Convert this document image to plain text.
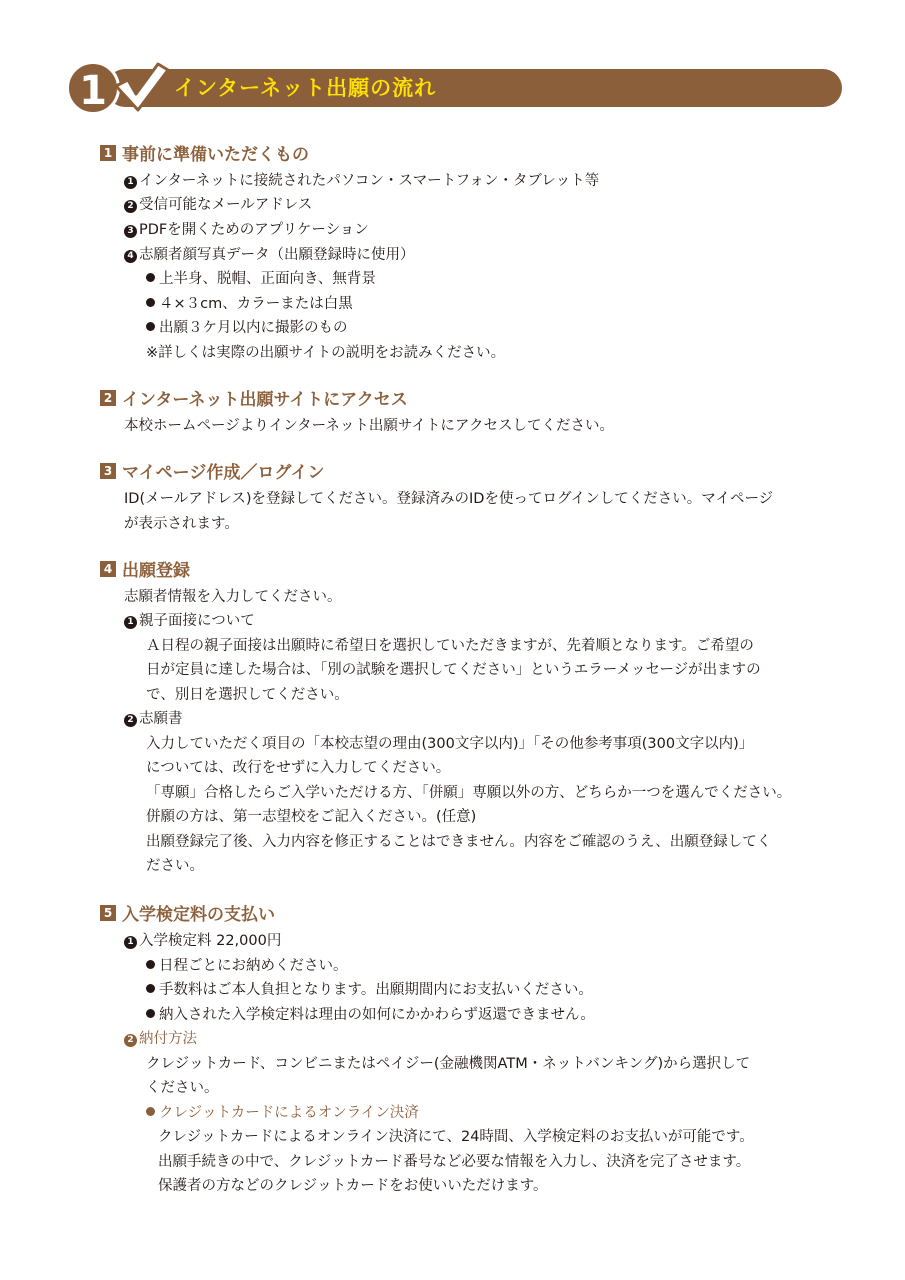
1	インターネット出願の流れ
1 事前に準備いただくもの
1 インターネットに接続されたパソコン・スマートフォン・タブレット等
2 受信可能なメールアドレス
3 PDFを開くためのアプリケーション
4 志願者顔写真データ（出願登録時に使用）
上半身、脱帽、正面向き、無背景
４×３cm、カラーまたは白黒
出願３ケ月以内に撮影のもの
※詳しくは実際の出願サイトの説明をお読みください。
2 インターネット出願サイトにアクセス
本校ホームページよりインターネット出願サイトにアクセスしてください。
3 マイページ作成／ログイン
ID(メールアドレス)を登録してください。登録済みのIDを使ってログインしてください。マイページ
が表示されます。
4 出願登録
志願者情報を入力してください。
1 親子面接について
Ａ日程の親子面接は出願時に希望日を選択していただきますが、先着順となります。ご希望の
日が定員に達した場合は、「別の試験を選択してください」というエラーメッセージが出ますの
で、別日を選択してください。
2 志願書
入力していただく項目の「本校志望の理由(300文字以内)」「その他参考事項(300文字以内)」
については、改行をせずに入力してください。
「専願」合格したらご入学いただける方、「併願」専願以外の方、どちらか一つを選んでください。
併願の方は、第一志望校をご記入ください。(任意)
出願登録完了後、入力内容を修正することはできません。内容をご確認のうえ、出願登録してく
ださい。
5 入学検定料の支払い
1 入学検定料 22,000円
日程ごとにお納めください。
手数料はご本人負担となります。出願期間内にお支払いください。
納入された入学検定料は理由の如何にかかわらず返還できません。
2 納付方法
クレジットカード、コンビニまたはペイジー(金融機関ATM・ネットバンキング)から選択して
ください。
クレジットカードによるオンライン決済
クレジットカードによるオンライン決済にて、24時間、入学検定料のお支払いが可能です。
出願手続きの中で、クレジットカード番号など必要な情報を入力し、決済を完了させます。
保護者の方などのクレジットカードをお使いいただけます。
